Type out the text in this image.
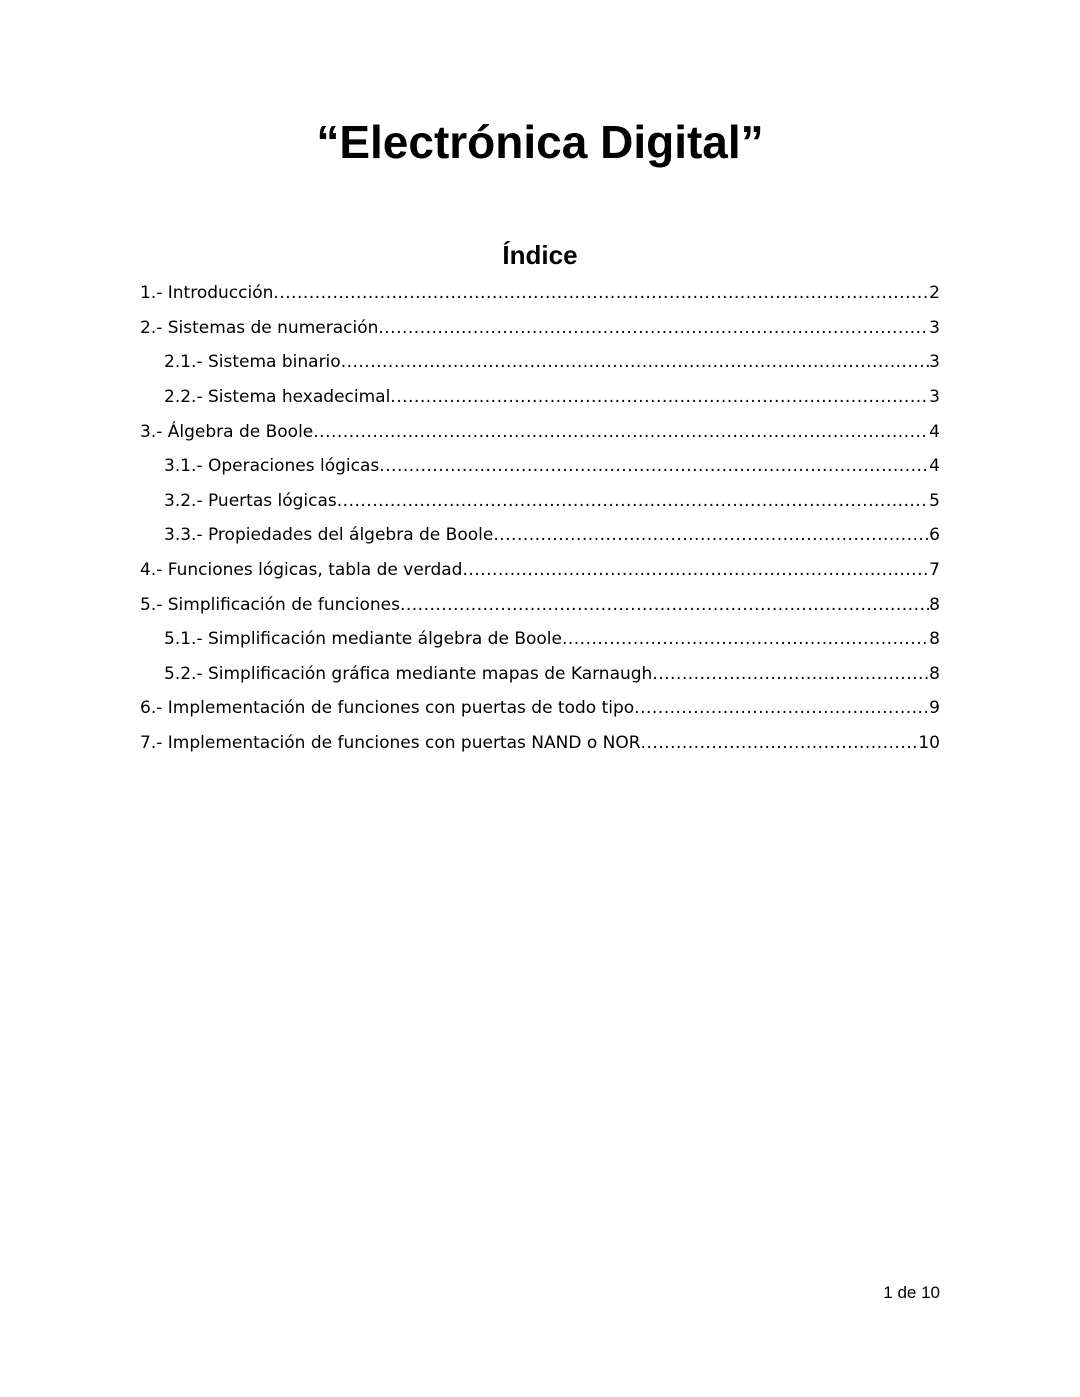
“Electrónica Digital”
Índice
1.- Introducción .....	2
2.- Sistemas de numeración .....	3
2.1.- Sistema binario .....	3
2.2.- Sistema hexadecimal .....	3
3.- Álgebra de Boole .....	4
3.1.- Operaciones lógicas .....	4
3.2.- Puertas lógicas .....	5
3.3.- Propiedades del álgebra de Boole .....	6
4.- Funciones lógicas, tabla de verdad .....	7
5.- Simplificación de funciones .....	8
5.1.- Simplificación mediante álgebra de Boole .....	8
5.2.- Simplificación gráfica mediante mapas de Karnaugh .....	8
6.- Implementación de funciones con puertas de todo tipo .....	9
7.- Implementación de funciones con puertas NAND o NOR .....	10
1 de 10
